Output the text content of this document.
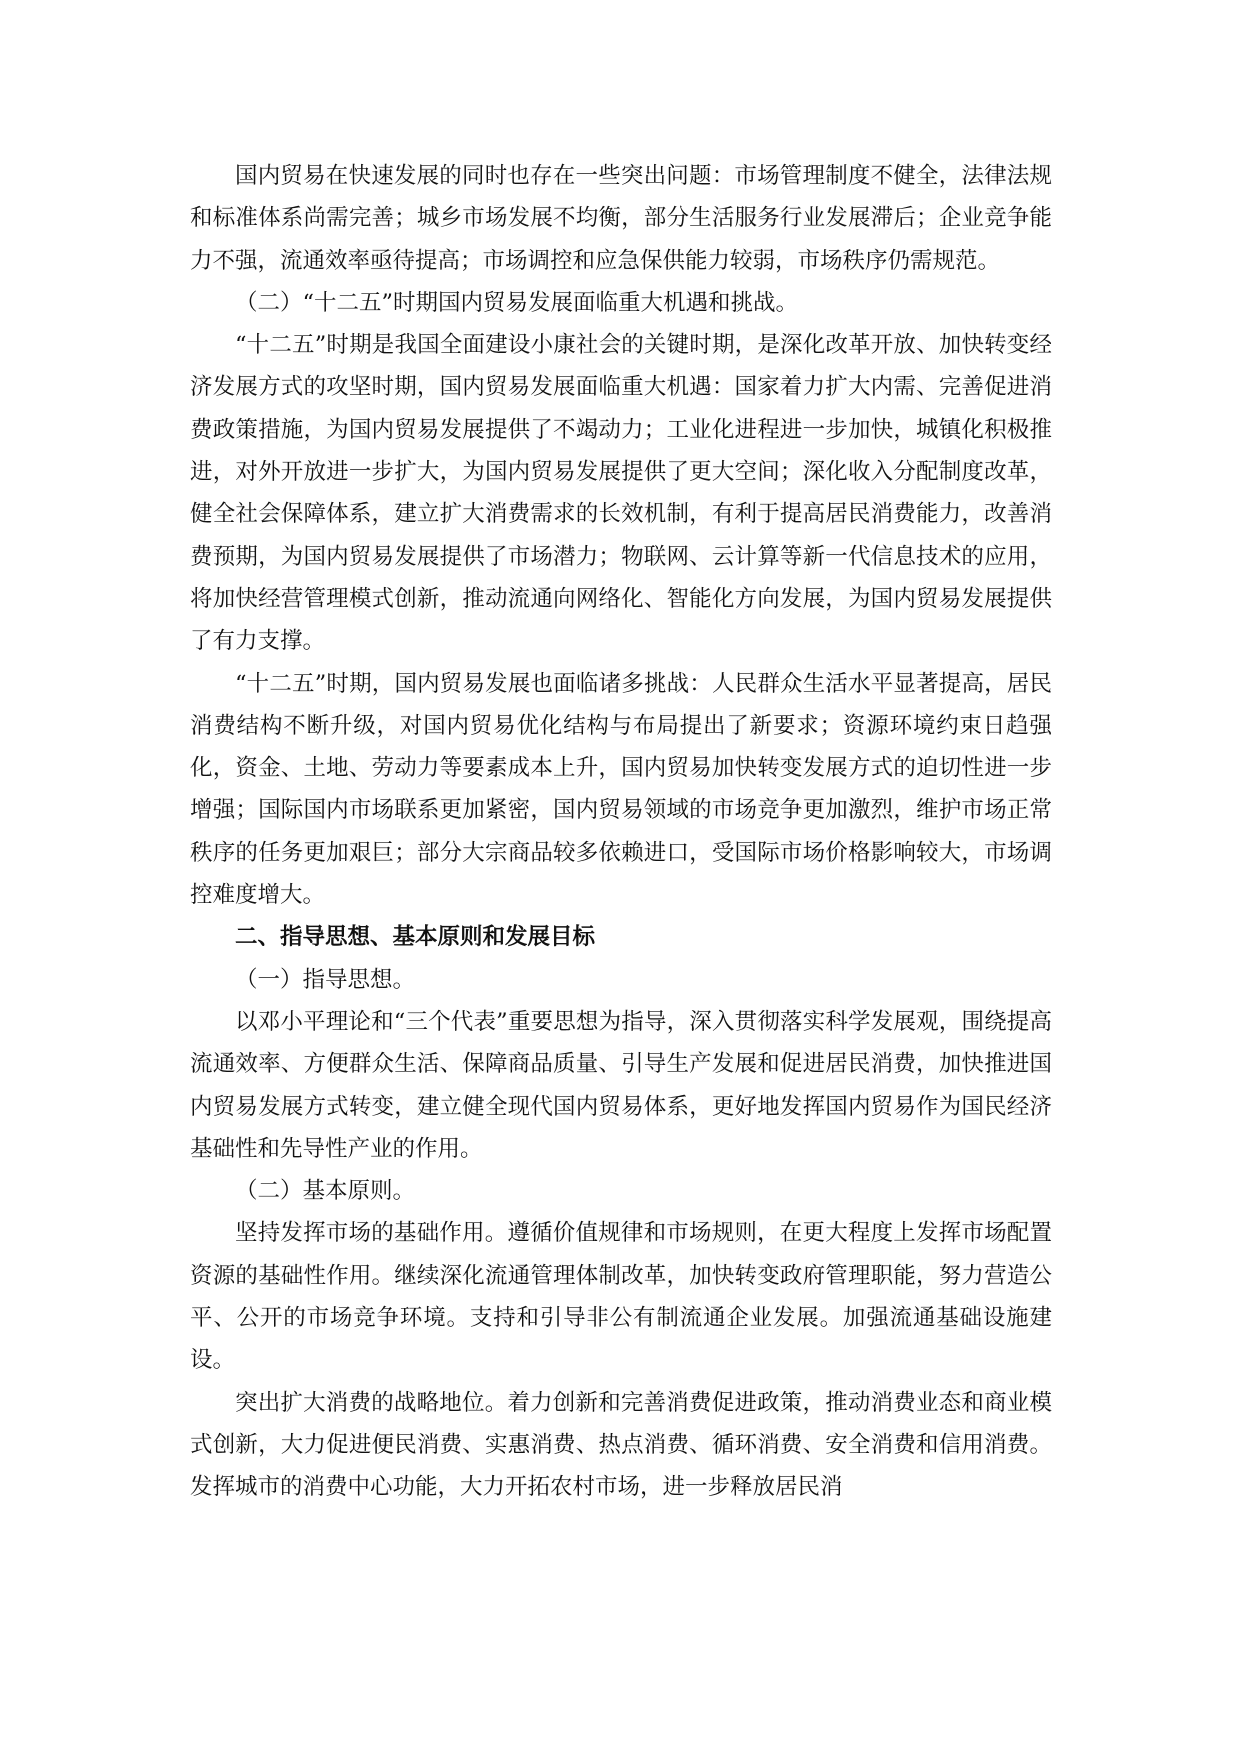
国内贸易在快速发展的同时也存在一些突出问题：市场管理制度不健全，法律法规和标准体系尚需完善；城乡市场发展不均衡，部分生活服务行业发展滞后；企业竞争能力不强，流通效率亟待提高；市场调控和应急保供能力较弱，市场秩序仍需规范。

（二）“十二五”时期国内贸易发展面临重大机遇和挑战。

“十二五”时期是我国全面建设小康社会的关键时期，是深化改革开放、加快转变经济发展方式的攻坚时期，国内贸易发展面临重大机遇：国家着力扩大内需、完善促进消费政策措施，为国内贸易发展提供了不竭动力；工业化进程进一步加快，城镇化积极推进，对外开放进一步扩大，为国内贸易发展提供了更大空间；深化收入分配制度改革，健全社会保障体系，建立扩大消费需求的长效机制，有利于提高居民消费能力，改善消费预期，为国内贸易发展提供了市场潜力；物联网、云计算等新一代信息技术的应用，将加快经营管理模式创新，推动流通向网络化、智能化方向发展，为国内贸易发展提供了有力支撑。

“十二五”时期，国内贸易发展也面临诸多挑战：人民群众生活水平显著提高，居民消费结构不断升级，对国内贸易优化结构与布局提出了新要求；资源环境约束日趋强化，资金、土地、劳动力等要素成本上升，国内贸易加快转变发展方式的迫切性进一步增强；国际国内市场联系更加紧密，国内贸易领域的市场竞争更加激烈，维护市场正常秩序的任务更加艰巨；部分大宗商品较多依赖进口，受国际市场价格影响较大，市场调控难度增大。

二、指导思想、基本原则和发展目标

（一）指导思想。

以邓小平理论和“三个代表”重要思想为指导，深入贯彻落实科学发展观，围绕提高流通效率、方便群众生活、保障商品质量、引导生产发展和促进居民消费，加快推进国内贸易发展方式转变，建立健全现代国内贸易体系，更好地发挥国内贸易作为国民经济基础性和先导性产业的作用。

（二）基本原则。

坚持发挥市场的基础作用。遵循价值规律和市场规则，在更大程度上发挥市场配置资源的基础性作用。继续深化流通管理体制改革，加快转变政府管理职能，努力营造公平、公开的市场竞争环境。支持和引导非公有制流通企业发展。加强流通基础设施建设。

突出扩大消费的战略地位。着力创新和完善消费促进政策，推动消费业态和商业模式创新，大力促进便民消费、实惠消费、热点消费、循环消费、安全消费和信用消费。发挥城市的消费中心功能，大力开拓农村市场，进一步释放居民消
